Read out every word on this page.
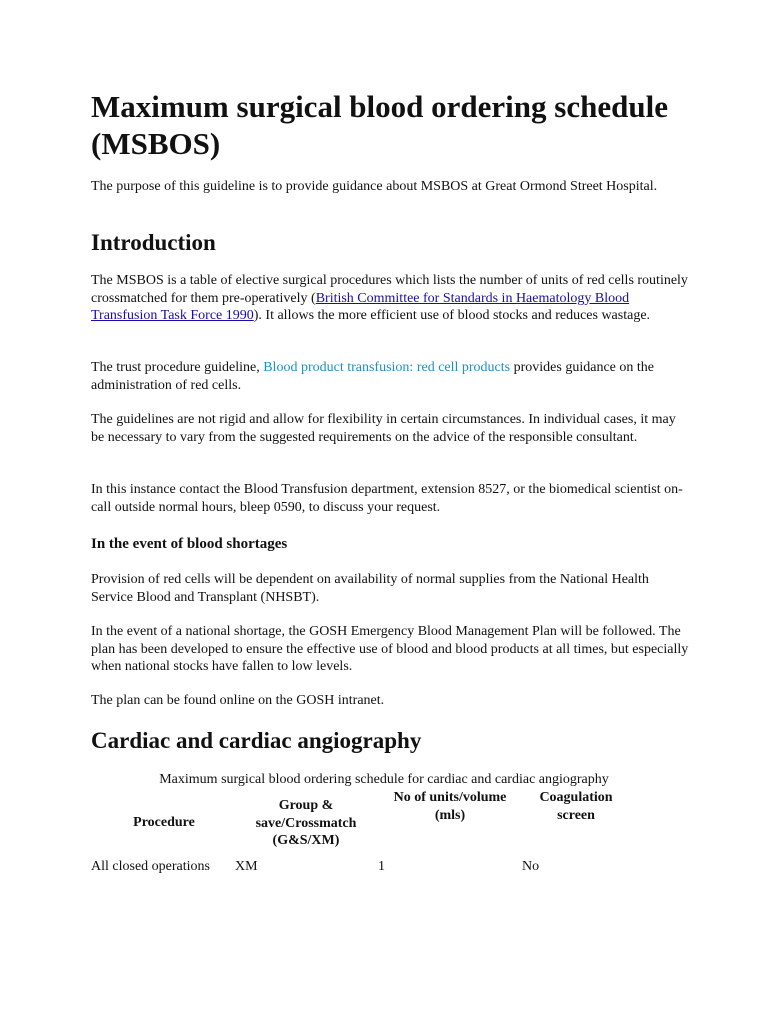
Maximum surgical blood ordering schedule (MSBOS)

The purpose of this guideline is to provide guidance about MSBOS at Great Ormond Street Hospital.

Introduction

The MSBOS is a table of elective surgical procedures which lists the number of units of red cells routinely crossmatched for them pre-operatively (British Committee for Standards in Haematology Blood Transfusion Task Force 1990). It allows the more efficient use of blood stocks and reduces wastage.

The trust procedure guideline, Blood product transfusion: red cell products provides guidance on the administration of red cells.

The guidelines are not rigid and allow for flexibility in certain circumstances. In individual cases, it may be necessary to vary from the suggested requirements on the advice of the responsible consultant.

In this instance contact the Blood Transfusion department, extension 8527, or the biomedical scientist on-call outside normal hours, bleep 0590, to discuss your request.

In the event of blood shortages

Provision of red cells will be dependent on availability of normal supplies from the National Health Service Blood and Transplant (NHSBT).

In the event of a national shortage, the GOSH Emergency Blood Management Plan will be followed. The plan has been developed to ensure the effective use of blood and blood products at all times, but especially when national stocks have fallen to low levels.

The plan can be found online on the GOSH intranet.

Cardiac and cardiac angiography
Maximum surgical blood ordering schedule for cardiac and cardiac angiography
Procedure
Group &
save/Crossmatch
(G&S/XM)
No of units/volume
(mls)
Coagulation
screen
All closed operations XM	1	No
